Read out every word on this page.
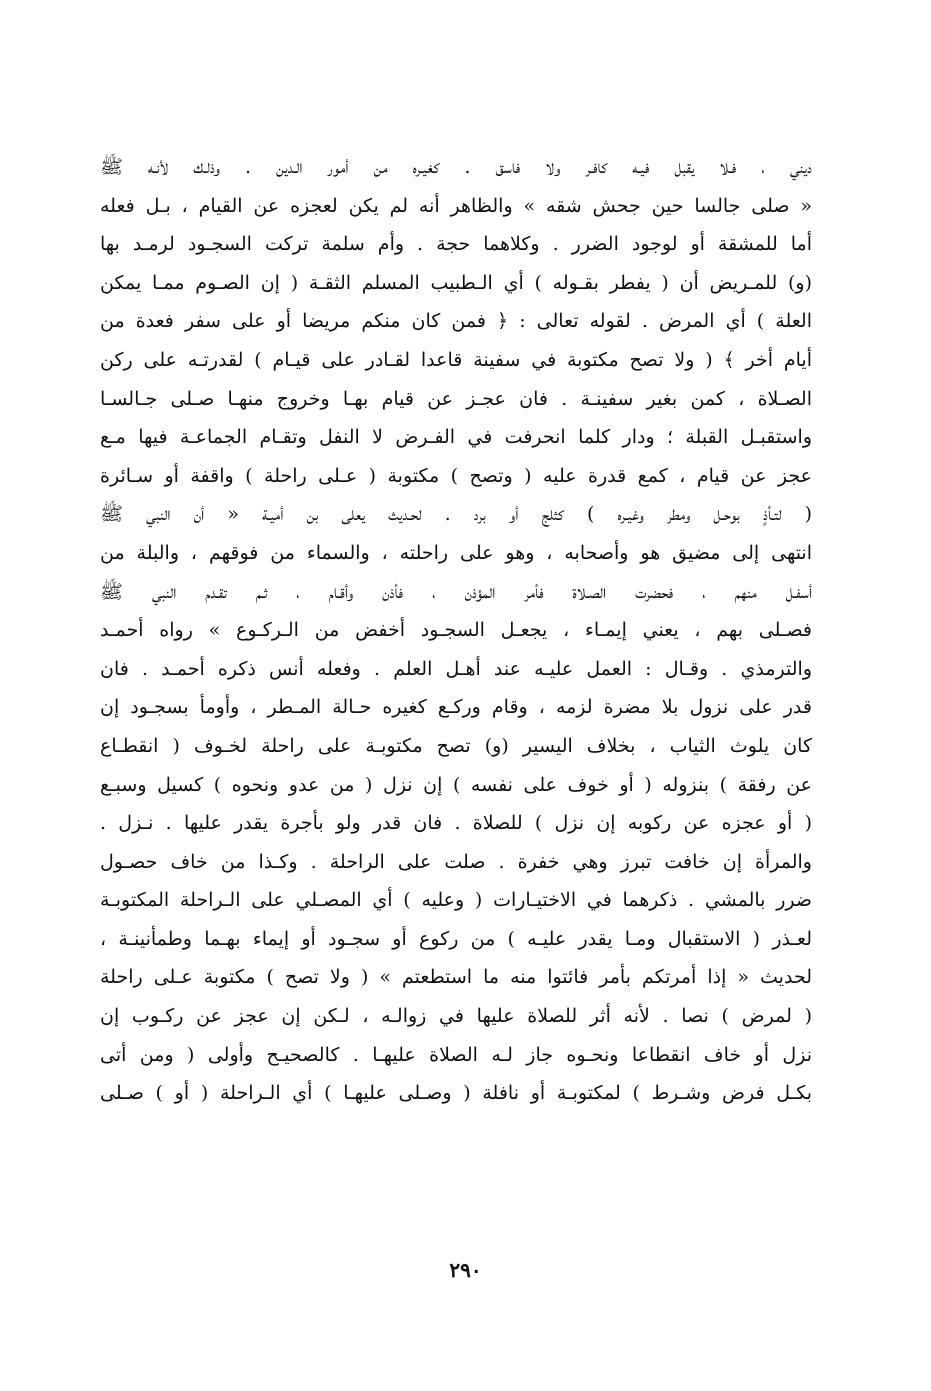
ديني ، فـلا يقبل فيـه كافـر ولا فاسق . كغيـره من أمور الـدين . وذلـك لأنـه ﷺ
« صلى جالسا حين جحش شقه » والظاهر أنه لم يكن لعجزه عن القيام ، بـل فعله
أما للمشقة أو لوجود الضرر . وكلاهما حجة . وأم سلمة تركت السجـود لرمـد بها
(و) للمـريض أن ( يفطر بقـوله ) أي الـطبيب المسلم الثقـة ( إن الصـوم ممـا يمكن
العلة ) أي المرض . لقوله تعالى : ﴿ فمن كان منكم مريضا أو على سفر فعدة من
أيام أخر ﴾ ( ولا تصح مكتوبة في سفينة قاعدا لقـادر على قيـام ) لقدرتـه على ركن
الصـلاة ، كمن بغير سفينـة . فان عجـز عن قيام بهـا وخروج منهـا صـلى جـالسـا
واستقبـل القبلة ؛ ودار كلما انحرفت في الفـرض لا النفل وتقـام الجماعـة فيها مـع
عجز عن قيام ، كمع قدرة عليه ( وتصح ) مكتوبة ( عـلى راحلة ) واقفة أو سـائرة
( لتـأذٍ بوحـل ومطر وغيـره ) كثلج أو برد . لحـديث يعلى بن أميـة « أن النبي ﷺ
انتهى إلى مضيق هو وأصحابه ، وهو على راحلته ، والسماء من فوقهم ، والبلة من
أسفـل منهم ، فحضرت الصـلاة فأمر المؤذن ، فأذن وأقـام ، ثـم تقـدم النبي ﷺ
فصـلى بهم ، يعني إيمـاء ، يجعـل السجـود أخفض من الـركـوع » رواه أحمـد
والترمذي . وقـال : العمل عليـه عند أهـل العلم . وفعله أنس ذكره أحمـد . فان
قدر على نزول بلا مضرة لزمه ، وقام وركـع كغيره حـالة المـطر ، وأومأ بسجـود إن
كان يلوث الثياب ، بخلاف اليسير (و) تصح مكتوبـة على راحلة لخـوف ( انقطـاع
عن رفقة ) بنزوله ( أو خوف على نفسه ) إن نزل ( من عدو ونحوه ) كسيل وسبـع
( أو عجزه عن ركوبه إن نزل ) للصلاة . فان قدر ولو بأجرة يقدر عليها . نـزل .
والمرأة إن خافت تبرز وهي خفرة . صلت على الراحلة . وكـذا من خاف حصـول
ضرر بالمشي . ذكرهما في الاختيـارات ( وعليه ) أي المصـلي على الـراحلة المكتوبـة
لعـذر ( الاستقبال ومـا يقدر عليـه ) من ركوع أو سجـود أو إيماء بهـما وطمأنينـة ،
لحديث « إذا أمرتكم بأمر فائتوا منه ما استطعتم » ( ولا تصح ) مكتوبة عـلى راحلة
( لمرض ) نصا . لأنه أثر للصلاة عليها في زوالـه ، لـكن إن عجز عن ركـوب إن
نزل أو خاف انقطاعا ونحـوه جاز لـه الصلاة عليهـا . كالصحيـح وأولى ( ومن أتى
بكـل فرض وشـرط ) لمكتوبـة أو نافلة ( وصـلى عليهـا ) أي الـراحلة ( أو ) صـلى
٢٩٠
